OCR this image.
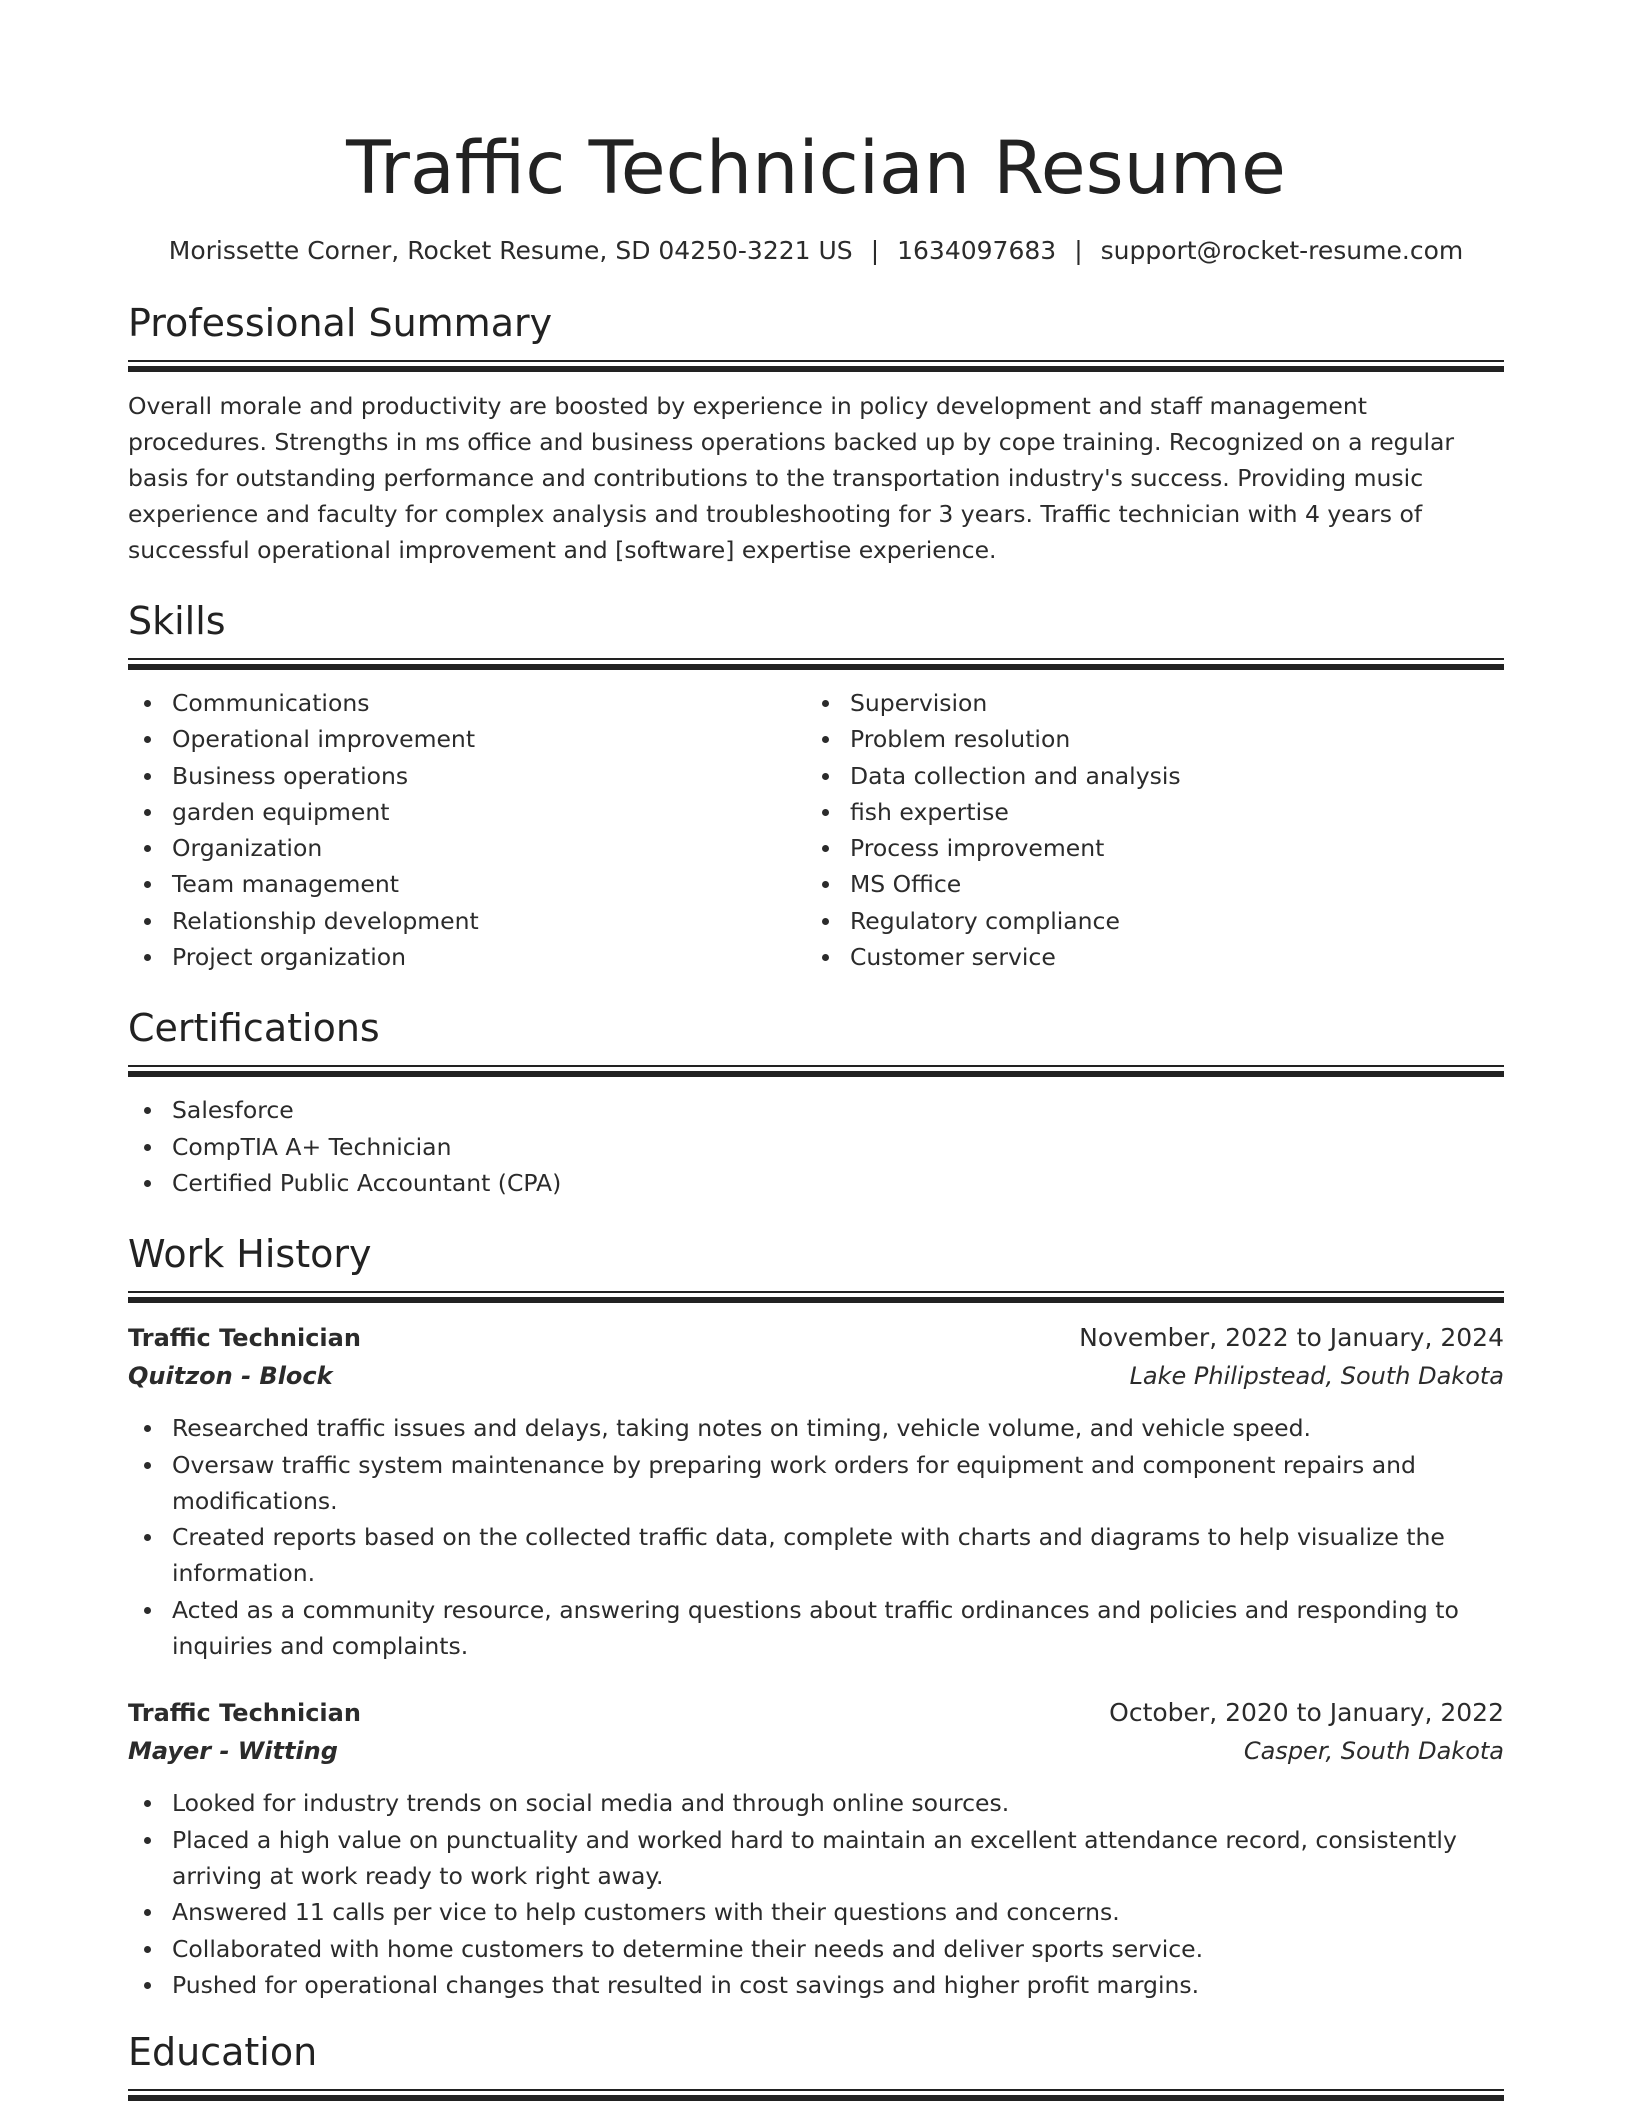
Traffic Technician Resume
Morissette Corner, Rocket Resume, SD 04250-3221 US | 1634097683 | support@rocket-resume.com
Professional Summary

Overall morale and productivity are boosted by experience in policy development and staff management procedures. Strengths in ms office and business operations backed up by cope training. Recognized on a regular basis for outstanding performance and contributions to the transportation industry's success. Providing music experience and faculty for complex analysis and troubleshooting for 3 years. Traffic technician with 4 years of successful operational improvement and [software] expertise experience.

Skills
Communications
Operational improvement
Business operations
garden equipment
Organization
Team management
Relationship development
Project organization
Supervision
Problem resolution
Data collection and analysis
fish expertise
Process improvement
MS Office
Regulatory compliance
Customer service
Certifications
Salesforce
CompTIA A+ Technician
Certified Public Accountant (CPA)
Work History
Traffic Technician	November, 2022 to January, 2024
Quitzon - Block	Lake Philipstead, South Dakota
Researched traffic issues and delays, taking notes on timing, vehicle volume, and vehicle speed.
Oversaw traffic system maintenance by preparing work orders for equipment and component repairs and modifications.
Created reports based on the collected traffic data, complete with charts and diagrams to help visualize the information.
Acted as a community resource, answering questions about traffic ordinances and policies and responding to inquiries and complaints.
Traffic Technician	October, 2020 to January, 2022
Mayer - Witting	Casper, South Dakota
Looked for industry trends on social media and through online sources.
Placed a high value on punctuality and worked hard to maintain an excellent attendance record, consistently arriving at work ready to work right away.
Answered 11 calls per vice to help customers with their questions and concerns.
Collaborated with home customers to determine their needs and deliver sports service.
Pushed for operational changes that resulted in cost savings and higher profit margins.
Education
